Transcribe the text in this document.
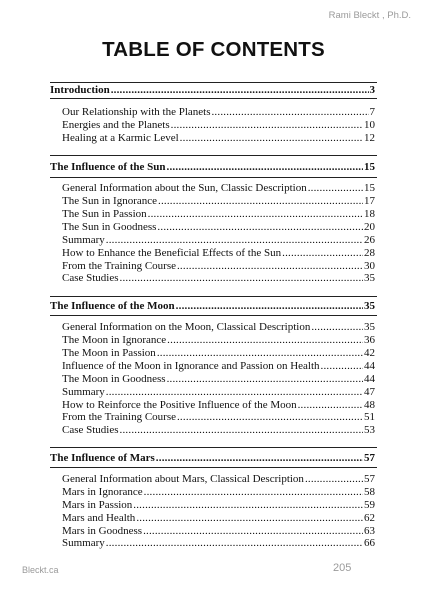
Rami Bleckt , Ph.D.
TABLE OF CONTENTS
Introduction .....	3
Our Relationship with the Planets .....	7
Energies and the Planets .....	10
Healing at a Karmic Level .....	12
The Influence of the Sun .....	15
General Information about the Sun, Classic Description .....	15
The Sun in Ignorance .....	17
The Sun in Passion .....	18
The Sun in Goodness .....	20
Summary .....	26
How to Enhance the Beneficial Effects of the Sun .....	28
From the Training Course .....	30
Case Studies .....	35
The Influence of the Moon .....	35
General Information on the Moon, Classical Description .....	35
The Moon in Ignorance .....	36
The Moon in Passion .....	42
Influence of the Moon in Ignorance and Passion on Health .....	44
The Moon in Goodness .....	44
Summary .....	47
How to Reinforce the Positive Influence of the Moon .....	48
From the Training Course .....	51
Case Studies .....	53
The Influence of Mars .....	57
General Information about Mars, Classical Description .....	57
Mars in Ignorance .....	58
Mars in Passion .....	59
Mars and Health .....	62
Mars in Goodness .....	63
Summary .....	66
Bleckt.ca	205
